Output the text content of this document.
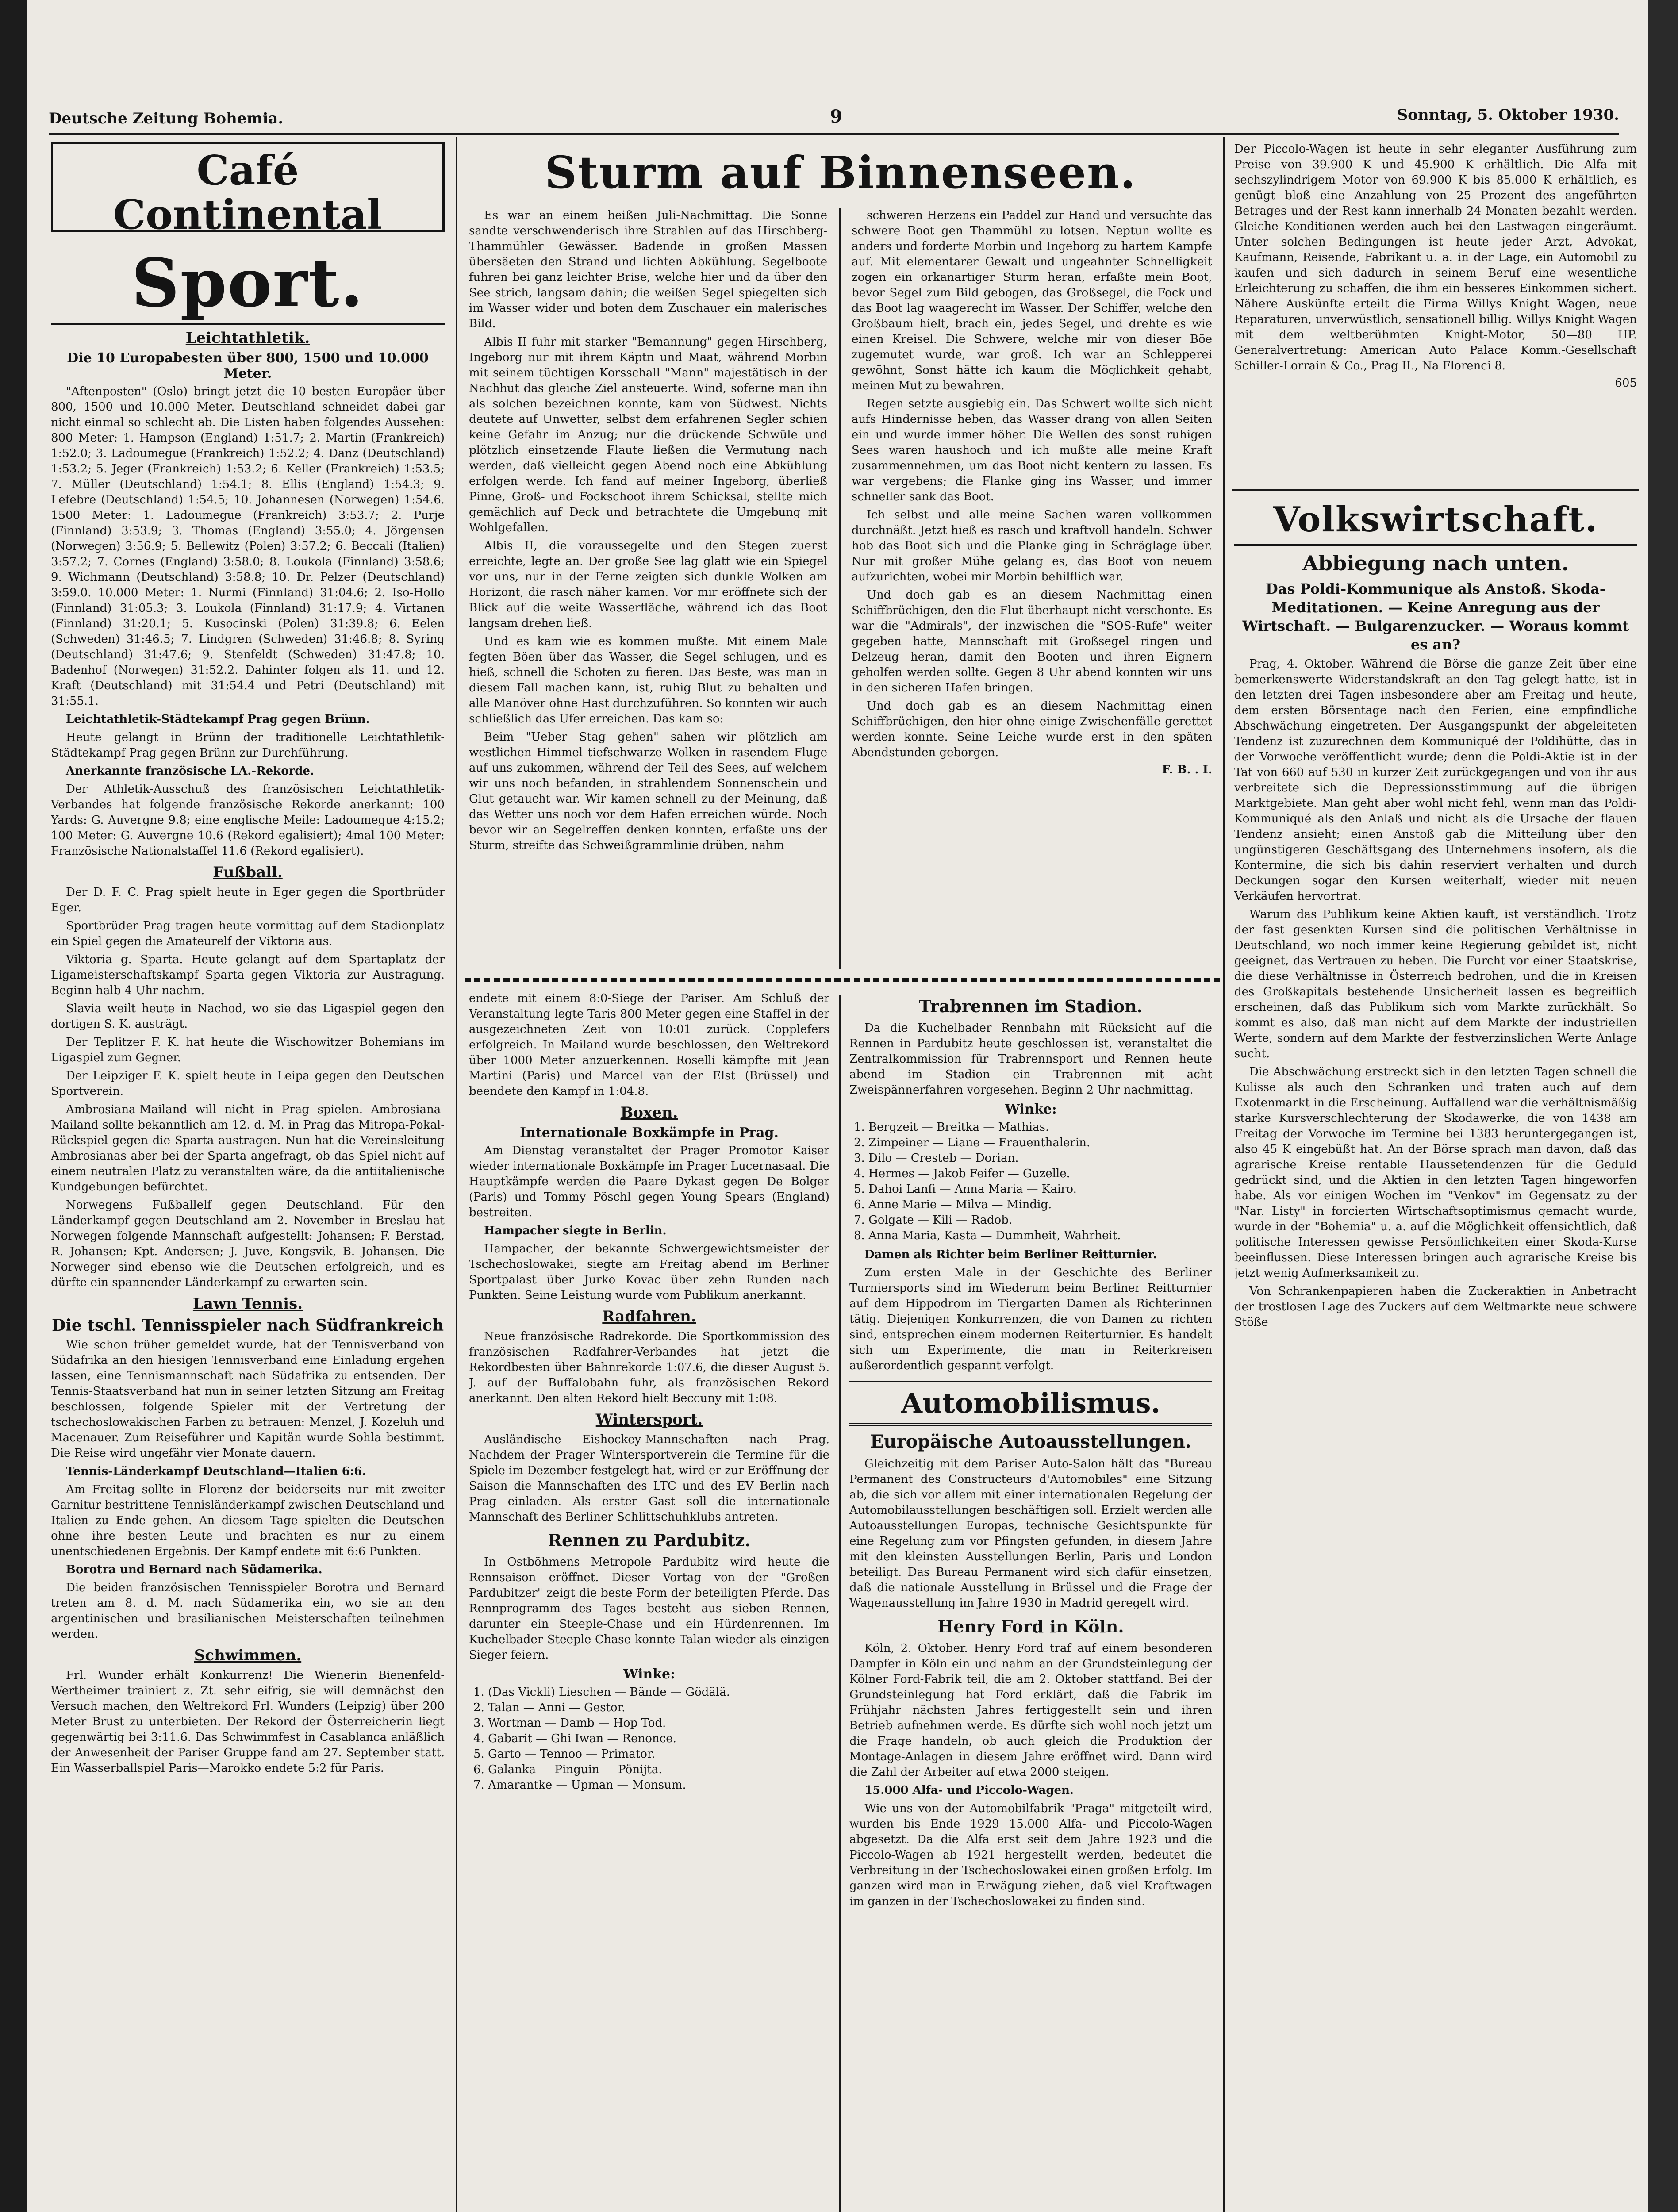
Deutsche Zeitung Bohemia.	9	Sonntag, 5. Oktober 1930.
Café Continental
Sport.
Leichtathletik.
Die 10 Europabesten über 800, 1500 und 10.000 Meter.

"Aftenposten" (Oslo) bringt jetzt die 10 besten Europäer über 800, 1500 und 10.000 Meter. Deutschland schneidet dabei gar nicht einmal so schlecht ab. Die Listen haben folgendes Aussehen: 800 Meter: 1. Hampson (England) 1:51.7; 2. Martin (Frankreich) 1:52.0; 3. Ladoumegue (Frankreich) 1:52.2; 4. Danz (Deutschland) 1:53.2; 5. Jeger (Frankreich) 1:53.2; 6. Keller (Frankreich) 1:53.5; 7. Müller (Deutschland) 1:54.1; 8. Ellis (England) 1:54.3; 9. Lefebre (Deutschland) 1:54.5; 10. Johannesen (Norwegen) 1:54.6. 1500 Meter: 1. Ladoumegue (Frankreich) 3:53.7; 2. Purje (Finnland) 3:53.9; 3. Thomas (England) 3:55.0; 4. Jörgensen (Norwegen) 3:56.9; 5. Bellewitz (Polen) 3:57.2; 6. Beccali (Italien) 3:57.2; 7. Cornes (England) 3:58.0; 8. Loukola (Finnland) 3:58.6; 9. Wichmann (Deutschland) 3:58.8; 10. Dr. Pelzer (Deutschland) 3:59.0. 10.000 Meter: 1. Nurmi (Finnland) 31:04.6; 2. Iso-Hollo (Finnland) 31:05.3; 3. Loukola (Finnland) 31:17.9; 4. Virtanen (Finnland) 31:20.1; 5. Kusocinski (Polen) 31:39.8; 6. Eelen (Schweden) 31:46.5; 7. Lindgren (Schweden) 31:46.8; 8. Syring (Deutschland) 31:47.6; 9. Stenfeldt (Schweden) 31:47.8; 10. Badenhof (Norwegen) 31:52.2. Dahinter folgen als 11. und 12. Kraft (Deutschland) mit 31:54.4 und Petri (Deutschland) mit 31:55.1.

Leichtathletik-Städtekampf Prag gegen Brünn.

Heute gelangt in Brünn der traditionelle Leichtathletik-Städtekampf Prag gegen Brünn zur Durchführung.

Anerkannte französische LA.-Rekorde.

Der Athletik-Ausschuß des französischen Leichtathletik-Verbandes hat folgende französische Rekorde anerkannt: 100 Yards: G. Auvergne 9.8; eine englische Meile: Ladoumegue 4:15.2; 100 Meter: G. Auvergne 10.6 (Rekord egalisiert); 4mal 100 Meter: Französische Nationalstaffel 11.6 (Rekord egalisiert).

Fußball.

Der D. F. C. Prag spielt heute in Eger gegen die Sportbrüder Eger.

Sportbrüder Prag tragen heute vormittag auf dem Stadionplatz ein Spiel gegen die Amateurelf der Viktoria aus.

Viktoria g. Sparta. Heute gelangt auf dem Spartaplatz der Ligameisterschaftskampf Sparta gegen Viktoria zur Austragung. Beginn halb 4 Uhr nachm.

Slavia weilt heute in Nachod, wo sie das Ligaspiel gegen den dortigen S. K. austrägt.

Der Teplitzer F. K. hat heute die Wischowitzer Bohemians im Ligaspiel zum Gegner.

Der Leipziger F. K. spielt heute in Leipa gegen den Deutschen Sportverein.

Ambrosiana-Mailand will nicht in Prag spielen. Ambrosiana-Mailand sollte bekanntlich am 12. d. M. in Prag das Mitropa-Pokal-Rückspiel gegen die Sparta austragen. Nun hat die Vereinsleitung Ambrosianas aber bei der Sparta angefragt, ob das Spiel nicht auf einem neutralen Platz zu veranstalten wäre, da die antiitalienische Kundgebungen befürchtet.

Norwegens Fußballelf gegen Deutschland. Für den Länderkampf gegen Deutschland am 2. November in Breslau hat Norwegen folgende Mannschaft aufgestellt: Johansen; F. Berstad, R. Johansen; Kpt. Andersen; J. Juve, Kongsvik, B. Johansen. Die Norweger sind ebenso wie die Deutschen erfolgreich, und es dürfte ein spannender Länderkampf zu erwarten sein.

Lawn Tennis.
Die tschl. Tennisspieler nach Südfrankreich

Wie schon früher gemeldet wurde, hat der Tennisverband von Südafrika an den hiesigen Tennisverband eine Einladung ergehen lassen, eine Tennismannschaft nach Südafrika zu entsenden. Der Tennis-Staatsverband hat nun in seiner letzten Sitzung am Freitag beschlossen, folgende Spieler mit der Vertretung der tschechoslowakischen Farben zu betrauen: Menzel, J. Kozeluh und Macenauer. Zum Reiseführer und Kapitän wurde Sohla bestimmt. Die Reise wird ungefähr vier Monate dauern.

Tennis-Länderkampf Deutschland—Italien 6:6.

Am Freitag sollte in Florenz der beiderseits nur mit zweiter Garnitur bestrittene Tennisländerkampf zwischen Deutschland und Italien zu Ende gehen. An diesem Tage spielten die Deutschen ohne ihre besten Leute und brachten es nur zu einem unentschiedenen Ergebnis. Der Kampf endete mit 6:6 Punkten.

Borotra und Bernard nach Südamerika.

Die beiden französischen Tennisspieler Borotra und Bernard treten am 8. d. M. nach Südamerika ein, wo sie an den argentinischen und brasilianischen Meisterschaften teilnehmen werden.

Schwimmen.

Frl. Wunder erhält Konkurrenz! Die Wienerin Bienenfeld-Wertheimer trainiert z. Zt. sehr eifrig, sie will demnächst den Versuch machen, den Weltrekord Frl. Wunders (Leipzig) über 200 Meter Brust zu unterbieten. Der Rekord der Österreicherin liegt gegenwärtig bei 3:11.6. Das Schwimmfest in Casablanca anläßlich der Anwesenheit der Pariser Gruppe fand am 27. September statt. Ein Wasserballspiel Paris—Marokko endete 5:2 für Paris.

Sturm auf Binnenseen.

Es war an einem heißen Juli-Nachmittag. Die Sonne sandte verschwenderisch ihre Strahlen auf das Hirschberg-Thammühler Gewässer. Badende in großen Massen übersäeten den Strand und lichten Abkühlung. Segelboote fuhren bei ganz leichter Brise, welche hier und da über den See strich, langsam dahin; die weißen Segel spiegelten sich im Wasser wider und boten dem Zuschauer ein malerisches Bild.

Albis II fuhr mit starker "Bemannung" gegen Hirschberg, Ingeborg nur mit ihrem Käptn und Maat, während Morbin mit seinem tüchtigen Korsschall "Mann" majestätisch in der Nachhut das gleiche Ziel ansteuerte. Wind, soferne man ihn als solchen bezeichnen konnte, kam von Südwest. Nichts deutete auf Unwetter, selbst dem erfahrenen Segler schien keine Gefahr im Anzug; nur die drückende Schwüle und plötzlich einsetzende Flaute ließen die Vermutung nach werden, daß vielleicht gegen Abend noch eine Abkühlung erfolgen werde. Ich fand auf meiner Ingeborg, überließ Pinne, Groß- und Fockschoot ihrem Schicksal, stellte mich gemächlich auf Deck und betrachtete die Umgebung mit Wohlgefallen.

Albis II, die voraussegelte und den Stegen zuerst erreichte, legte an. Der große See lag glatt wie ein Spiegel vor uns, nur in der Ferne zeigten sich dunkle Wolken am Horizont, die rasch näher kamen. Vor mir eröffnete sich der Blick auf die weite Wasserfläche, während ich das Boot langsam drehen ließ.

Und es kam wie es kommen mußte. Mit einem Male fegten Böen über das Wasser, die Segel schlugen, und es hieß, schnell die Schoten zu fieren. Das Beste, was man in diesem Fall machen kann, ist, ruhig Blut zu behalten und alle Manöver ohne Hast durchzuführen. So konnten wir auch schließlich das Ufer erreichen. Das kam so:

Beim "Ueber Stag gehen" sahen wir plötzlich am westlichen Himmel tiefschwarze Wolken in rasendem Fluge auf uns zukommen, während der Teil des Sees, auf welchem wir uns noch befanden, in strahlendem Sonnenschein und Glut getaucht war. Wir kamen schnell zu der Meinung, daß das Wetter uns noch vor dem Hafen erreichen würde. Noch bevor wir an Segelreffen denken konnten, erfaßte uns der Sturm, streifte das Schweißgrammlinie drüben, nahm

schweren Herzens ein Paddel zur Hand und versuchte das schwere Boot gen Thammühl zu lotsen. Neptun wollte es anders und forderte Morbin und Ingeborg zu hartem Kampfe auf. Mit elementarer Gewalt und ungeahnter Schnelligkeit zogen ein orkanartiger Sturm heran, erfaßte mein Boot, bevor Segel zum Bild gebogen, das Großsegel, die Fock und das Boot lag waagerecht im Wasser. Der Schiffer, welche den Großbaum hielt, brach ein, jedes Segel, und drehte es wie einen Kreisel. Die Schwere, welche mir von dieser Böe zugemutet wurde, war groß. Ich war an Schlepperei gewöhnt, Sonst hätte ich kaum die Möglichkeit gehabt, meinen Mut zu bewahren.

Regen setzte ausgiebig ein. Das Schwert wollte sich nicht aufs Hindernisse heben, das Wasser drang von allen Seiten ein und wurde immer höher. Die Wellen des sonst ruhigen Sees waren haushoch und ich mußte alle meine Kraft zusammennehmen, um das Boot nicht kentern zu lassen. Es war vergebens; die Flanke ging ins Wasser, und immer schneller sank das Boot.

Ich selbst und alle meine Sachen waren vollkommen durchnäßt. Jetzt hieß es rasch und kraftvoll handeln. Schwer hob das Boot sich und die Planke ging in Schräglage über. Nur mit großer Mühe gelang es, das Boot von neuem aufzurichten, wobei mir Morbin behilflich war.

Und doch gab es an diesem Nachmittag einen Schiffbrüchigen, den die Flut überhaupt nicht verschonte. Es war die "Admirals", der inzwischen die "SOS-Rufe" weiter gegeben hatte, Mannschaft mit Großsegel ringen und Delzeug heran, damit den Booten und ihren Eignern geholfen werden sollte. Gegen 8 Uhr abend konnten wir uns in den sicheren Hafen bringen.

Und doch gab es an diesem Nachmittag einen Schiffbrüchigen, den hier ohne einige Zwischenfälle gerettet werden konnte. Seine Leiche wurde erst in den späten Abendstunden geborgen.

F. B. . I.

endete mit einem 8:0-Siege der Pariser. Am Schluß der Veranstaltung legte Taris 800 Meter gegen eine Staffel in der ausgezeichneten Zeit von 10:01 zurück. Copplefers erfolgreich. In Mailand wurde beschlossen, den Weltrekord über 1000 Meter anzuerkennen. Roselli kämpfte mit Jean Martini (Paris) und Marcel van der Elst (Brüssel) und beendete den Kampf in 1:04.8.

Boxen.
Internationale Boxkämpfe in Prag.

Am Dienstag veranstaltet der Prager Promotor Kaiser wieder internationale Boxkämpfe im Prager Lucernasaal. Die Hauptkämpfe werden die Paare Dykast gegen De Bolger (Paris) und Tommy Pöschl gegen Young Spears (England) bestreiten.

Hampacher siegte in Berlin.

Hampacher, der bekannte Schwergewichtsmeister der Tschechoslowakei, siegte am Freitag abend im Berliner Sportpalast über Jurko Kovac über zehn Runden nach Punkten. Seine Leistung wurde vom Publikum anerkannt.

Radfahren.

Neue französische Radrekorde. Die Sportkommission des französischen Radfahrer-Verbandes hat jetzt die Rekordbesten über Bahnrekorde 1:07.6, die dieser August 5. J. auf der Buffalobahn fuhr, als französischen Rekord anerkannt. Den alten Rekord hielt Beccuny mit 1:08.

Wintersport.

Ausländische Eishockey-Mannschaften nach Prag. Nachdem der Prager Wintersportverein die Termine für die Spiele im Dezember festgelegt hat, wird er zur Eröffnung der Saison die Mannschaften des LTC und des EV Berlin nach Prag einladen. Als erster Gast soll die internationale Mannschaft des Berliner Schlittschuhklubs antreten.

Rennen zu Pardubitz.

In Ostböhmens Metropole Pardubitz wird heute die Rennsaison eröffnet. Dieser Vortag von der "Großen Pardubitzer" zeigt die beste Form der beteiligten Pferde. Das Rennprogramm des Tages besteht aus sieben Rennen, darunter ein Steeple-Chase und ein Hürdenrennen. Im Kuchelbader Steeple-Chase konnte Talan wieder als einzigen Sieger feiern.

Winke:
1. (Das Vickli) Lieschen — Bände — Gödälä.
2. Talan — Anni — Gestor.
3. Wortman — Damb — Hop Tod.
4. Gabarit — Ghi Iwan — Renonce.
5. Garto — Tennoo — Primator.
6. Galanka — Pinguin — Pönijta.
7. Amarantke — Upman — Monsum.
Trabrennen im Stadion.

Da die Kuchelbader Rennbahn mit Rücksicht auf die Rennen in Pardubitz heute geschlossen ist, veranstaltet die Zentralkommission für Trabrennsport und Rennen heute abend im Stadion ein Trabrennen mit acht Zweispännerfahren vorgesehen. Beginn 2 Uhr nachmittag.

Winke:
1. Bergzeit — Breitka — Mathias.
2. Zimpeiner — Liane — Frauenthalerin.
3. Dilo — Cresteb — Dorian.
4. Hermes — Jakob Feifer — Guzelle.
5. Dahoi Lanfi — Anna Maria — Kairo.
6. Anne Marie — Milva — Mindig.
7. Golgate — Kili — Radob.
8. Anna Maria, Kasta — Dummheit, Wahrheit.

Damen als Richter beim Berliner Reitturnier.

Zum ersten Male in der Geschichte des Berliner Turniersports sind im Wiederum beim Berliner Reitturnier auf dem Hippodrom im Tiergarten Damen als Richterinnen tätig. Diejenigen Konkurrenzen, die von Damen zu richten sind, entsprechen einem modernen Reiterturnier. Es handelt sich um Experimente, die man in Reiterkreisen außerordentlich gespannt verfolgt.

Automobilismus.
Europäische Autoausstellungen.

Gleichzeitig mit dem Pariser Auto-Salon hält das "Bureau Permanent des Constructeurs d'Automobiles" eine Sitzung ab, die sich vor allem mit einer internationalen Regelung der Automobilausstellungen beschäftigen soll. Erzielt werden alle Autoausstellungen Europas, technische Gesichtspunkte für eine Regelung zum vor Pfingsten gefunden, in diesem Jahre mit den kleinsten Ausstellungen Berlin, Paris und London beteiligt. Das Bureau Permanent wird sich dafür einsetzen, daß die nationale Ausstellung in Brüssel und die Frage der Wagenausstellung im Jahre 1930 in Madrid geregelt wird.

Henry Ford in Köln.

Köln, 2. Oktober. Henry Ford traf auf einem besonderen Dampfer in Köln ein und nahm an der Grundsteinlegung der Kölner Ford-Fabrik teil, die am 2. Oktober stattfand. Bei der Grundsteinlegung hat Ford erklärt, daß die Fabrik im Frühjahr nächsten Jahres fertiggestellt sein und ihren Betrieb aufnehmen werde. Es dürfte sich wohl noch jetzt um die Frage handeln, ob auch gleich die Produktion der Montage-Anlagen in diesem Jahre eröffnet wird. Dann wird die Zahl der Arbeiter auf etwa 2000 steigen.

15.000 Alfa- und Piccolo-Wagen.

Wie uns von der Automobilfabrik "Praga" mitgeteilt wird, wurden bis Ende 1929 15.000 Alfa- und Piccolo-Wagen abgesetzt. Da die Alfa erst seit dem Jahre 1923 und die Piccolo-Wagen ab 1921 hergestellt werden, bedeutet die Verbreitung in der Tschechoslowakei einen großen Erfolg. Im ganzen wird man in Erwägung ziehen, daß viel Kraftwagen im ganzen in der Tschechoslowakei zu finden sind.

Der Piccolo-Wagen ist heute in sehr eleganter Ausführung zum Preise von 39.900 K und 45.900 K erhältlich. Die Alfa mit sechszylindrigem Motor von 69.900 K bis 85.000 K erhältlich, es genügt bloß eine Anzahlung von 25 Prozent des angeführten Betrages und der Rest kann innerhalb 24 Monaten bezahlt werden. Gleiche Konditionen werden auch bei den Lastwagen eingeräumt. Unter solchen Bedingungen ist heute jeder Arzt, Advokat, Kaufmann, Reisende, Fabrikant u. a. in der Lage, ein Automobil zu kaufen und sich dadurch in seinem Beruf eine wesentliche Erleichterung zu schaffen, die ihm ein besseres Einkommen sichert. Nähere Auskünfte erteilt die Firma Willys Knight Wagen, neue Reparaturen, unverwüstlich, sensationell billig. Willys Knight Wagen mit dem weltberühmten Knight-Motor, 50—80 HP. Generalvertretung: American Auto Palace Komm.-Gesellschaft Schiller-Lorrain & Co., Prag II., Na Florenci 8.

605
Volkswirtschaft.
Abbiegung nach unten.
Das Poldi-Kommunique als Anstoß. Skoda-Meditationen. — Keine Anregung aus der Wirtschaft. — Bulgarenzucker. — Woraus kommt es an?

Prag, 4. Oktober. Während die Börse die ganze Zeit über eine bemerkenswerte Widerstandskraft an den Tag gelegt hatte, ist in den letzten drei Tagen insbesondere aber am Freitag und heute, dem ersten Börsentage nach den Ferien, eine empfindliche Abschwächung eingetreten. Der Ausgangspunkt der abgeleiteten Tendenz ist zuzurechnen dem Kommuniqué der Poldihütte, das in der Vorwoche veröffentlicht wurde; denn die Poldi-Aktie ist in der Tat von 660 auf 530 in kurzer Zeit zurückgegangen und von ihr aus verbreitete sich die Depressionsstimmung auf die übrigen Marktgebiete. Man geht aber wohl nicht fehl, wenn man das Poldi-Kommuniqué als den Anlaß und nicht als die Ursache der flauen Tendenz ansieht; einen Anstoß gab die Mitteilung über den ungünstigeren Geschäftsgang des Unternehmens insofern, als die Kontermine, die sich bis dahin reserviert verhalten und durch Deckungen sogar den Kursen weiterhalf, wieder mit neuen Verkäufen hervortrat.

Warum das Publikum keine Aktien kauft, ist verständlich. Trotz der fast gesenkten Kursen sind die politischen Verhältnisse in Deutschland, wo noch immer keine Regierung gebildet ist, nicht geeignet, das Vertrauen zu heben. Die Furcht vor einer Staatskrise, die diese Verhältnisse in Österreich bedrohen, und die in Kreisen des Großkapitals bestehende Unsicherheit lassen es begreiflich erscheinen, daß das Publikum sich vom Markte zurückhält. So kommt es also, daß man nicht auf dem Markte der industriellen Werte, sondern auf dem Markte der festverzinslichen Werte Anlage sucht.

Die Abschwächung erstreckt sich in den letzten Tagen schnell die Kulisse als auch den Schranken und traten auch auf dem Exotenmarkt in die Erscheinung. Auffallend war die verhältnismäßig starke Kursverschlechterung der Skodawerke, die von 1438 am Freitag der Vorwoche im Termine bei 1383 heruntergegangen ist, also 45 K eingebüßt hat. An der Börse sprach man davon, daß das agrarische Kreise rentable Haussetendenzen für die Geduld gedrückt sind, und die Aktien in den letzten Tagen hingeworfen habe. Als vor einigen Wochen im "Venkov" im Gegensatz zu der "Nar. Listy" in forcierten Wirtschaftsoptimismus gemacht wurde, wurde in der "Bohemia" u. a. auf die Möglichkeit offensichtlich, daß politische Interessen gewisse Persönlichkeiten einer Skoda-Kurse beeinflussen. Diese Interessen bringen auch agrarische Kreise bis jetzt wenig Aufmerksamkeit zu.

Von Schrankenpapieren haben die Zuckeraktien in Anbetracht der trostlosen Lage des Zuckers auf dem Weltmarkte neue schwere Stöße
